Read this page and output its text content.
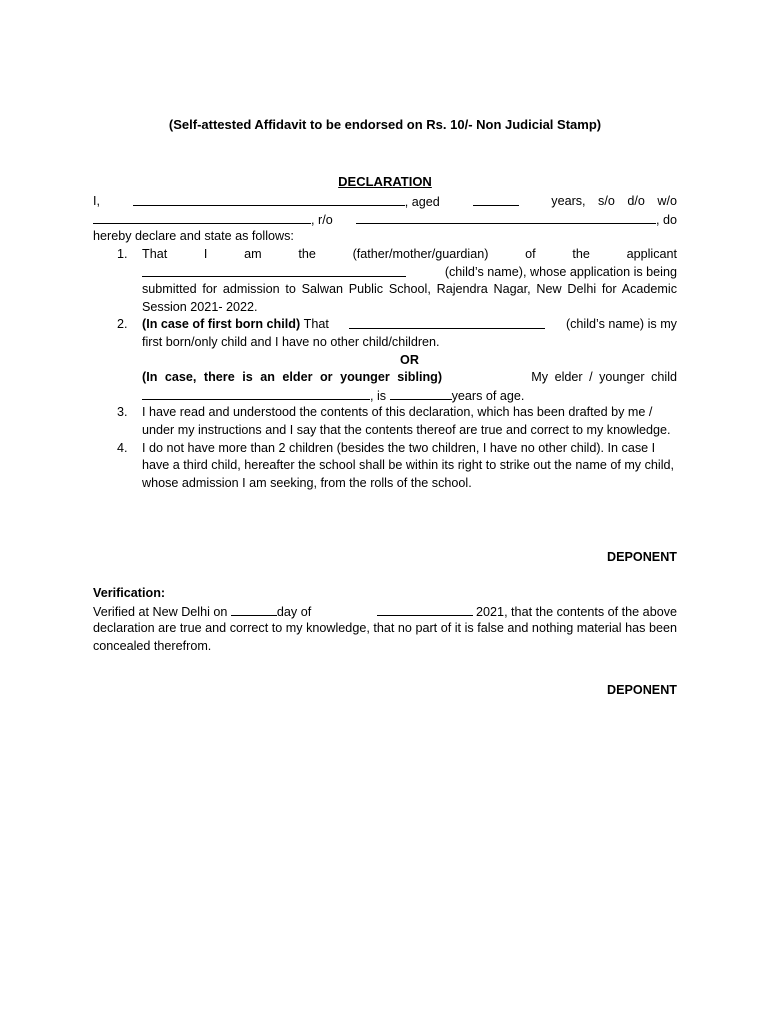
(Self-attested Affidavit to be endorsed on Rs. 10/- Non Judicial Stamp)
DECLARATION
I,	, aged	years, s/o d/o w/o
, r/o	, do
hereby declare and state as follows:
1. That I am the (father/mother/guardian) of the applicant
(child’s name), whose application is being
submitted for admission to Salwan Public School, Rajendra Nagar, New Delhi for Academic Session 2021- 2022.
2. (In case of first born child)
That	(child’s name) is my
first born/only child and I have no other child/children.
OR
(In case, there is an elder or younger sibling)	My elder / younger child
, is
	years of age.
3. I have read and understood the contents of this declaration, which has been drafted by me / under my instructions and I say that the contents thereof are true and correct to my knowledge.
4. I do not have more than 2 children (besides the two children, I have no other child). In case I have a third child, hereafter the school shall be within its right to strike out the name of my child, whose admission I am seeking, from the rolls of the school.
DEPONENT
Verification:
Verified at New Delhi on
	day of
	2021, that the contents of the above
declaration are true and correct to my knowledge, that no part of it is false and nothing material has been concealed therefrom.
DEPONENT
